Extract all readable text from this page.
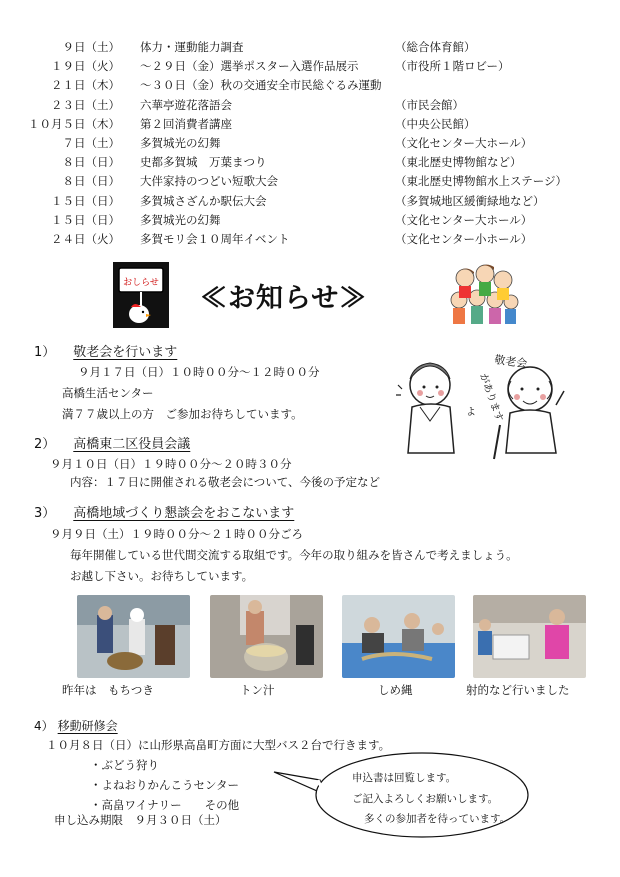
９日（土） 体力・運動能力調査	（総合体育館）
１９日（火） ～２９日（金）選挙ポスター入選作品展示	（市役所１階ロビー）
２１日（木） ～３０日（金）秋の交通安全市民総ぐるみ運動
２３日（土） 六華亭遊花落語会	（市民会館）
１０月５日（木） 第２回消費者講座	（中央公民館）
７日（土） 多賀城光の幻舞	（文化センター大ホール）
８日（日） 史都多賀城　万葉まつり	（東北歴史博物館など）
８日（日） 大伴家持のつどい短歌大会	（東北歴史博物館水上ステージ）
１５日（日） 多賀城さざんか駅伝大会	（多賀城地区緩衝緑地など）
１５日（日） 多賀城光の幻舞	（文化センター大ホール）
２４日（火） 多賀モリ会１０周年イベント	（文化センター小ホール）
おしらせ ≪お知らせ≫
1） 敬老会を行います
９月１７日（日）１０時００分～１２時００分
高橋生活センター
満７７歳以上の方　ご参加お待ちしています。
敬老会
があります
よ
2） 高橋東二区役員会議
９月１０日（日）１９時００分～２０時３０分
内容：１７日に開催される敬老会について、今後の予定など
3） 高橋地域づくり懇談会をおこないます
９月９日（土）１９時００分～２１時００分ごろ
毎年開催している世代間交流する取組です。今年の取り組みを皆さんで考えましょう。
お越し下さい。お待ちしています。
昨年は　もちつき	トン汁	しめ縄	射的など行いました
4） 移動研修会
１０月８日（日）に山形県高畠町方面に大型バス２台で行きます。
・ぶどう狩り
・よねおりかんこうセンター
・高畠ワイナリー　　その他
申し込み期限　９月３０日（土）
申込書は回覧します。
ご記入よろしくお願いします。
多くの参加者を待っています。
